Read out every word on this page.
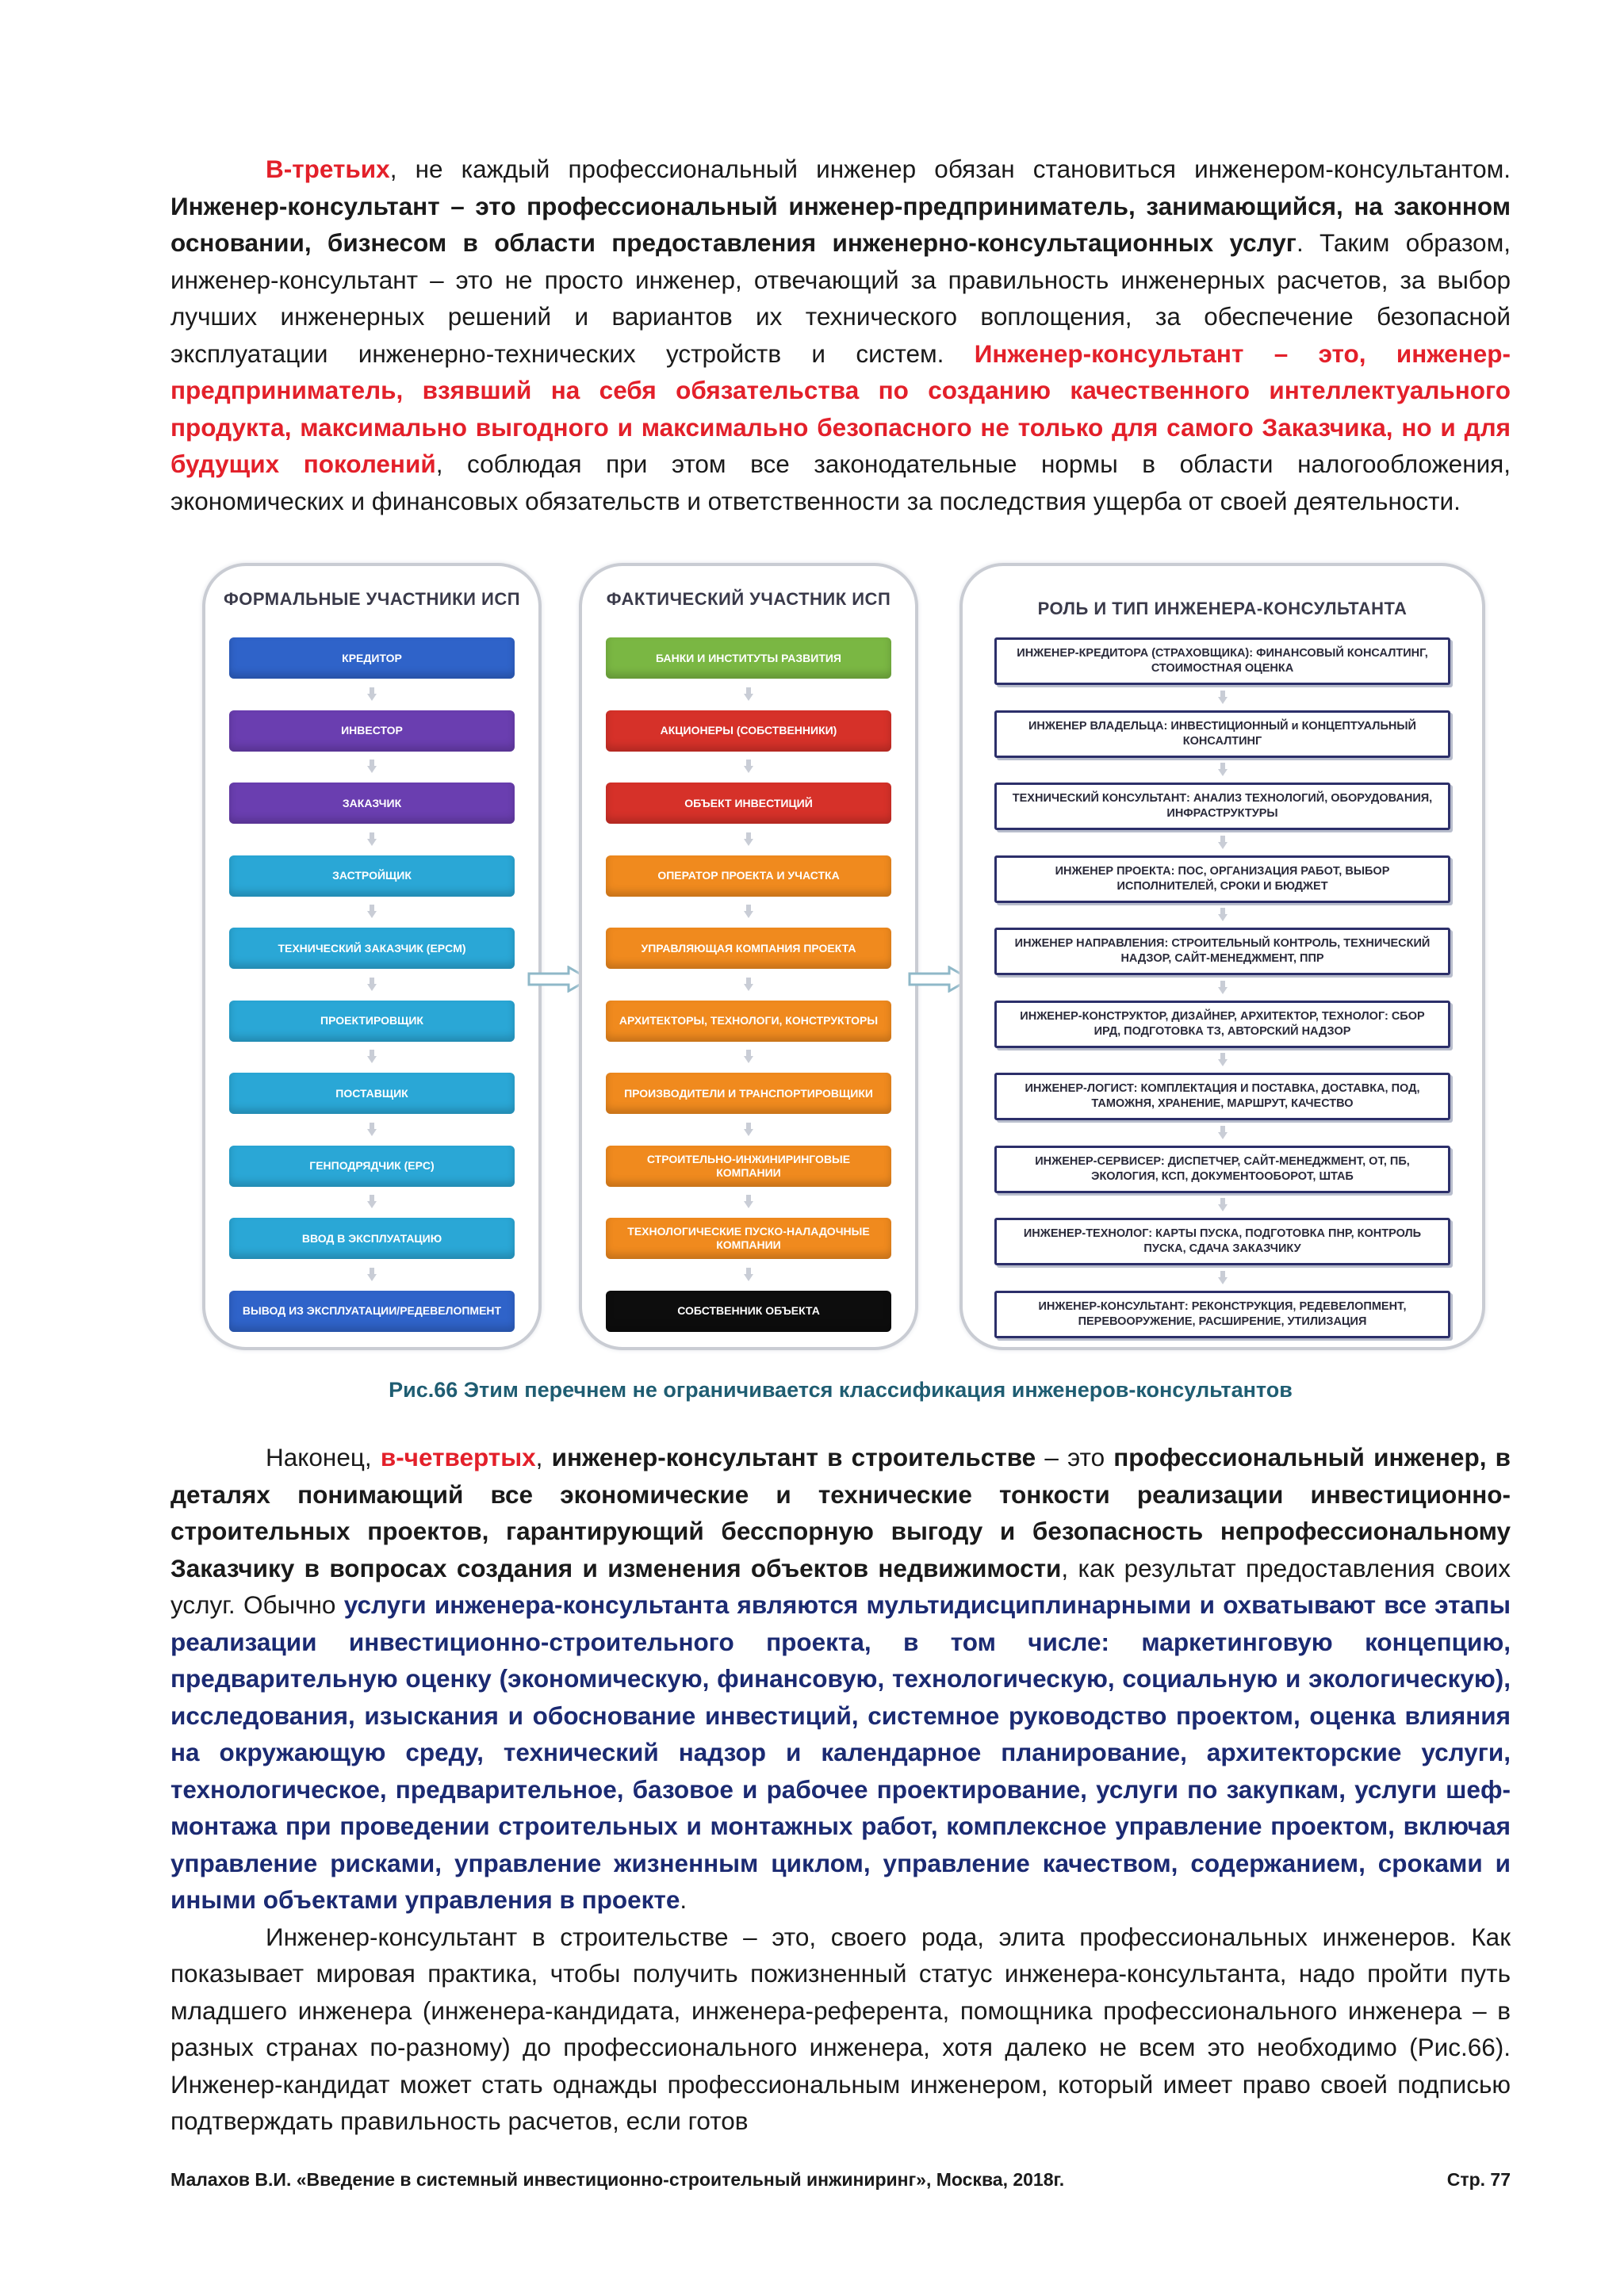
В-третьих, не каждый профессиональный инженер обязан становиться инженером-консультантом. Инженер-консультант – это профессиональный инженер-предприниматель, занимающийся, на законном основании, бизнесом в области предоставления инженерно-консультационных услуг. Таким образом, инженер-консультант – это не просто инженер, отвечающий за правильность инженерных расчетов, за выбор лучших инженерных решений и вариантов их технического воплощения, за обеспечение безопасной эксплуатации инженерно-технических устройств и систем. Инженер-консультант – это, инженер-предприниматель, взявший на себя обязательства по созданию качественного интеллектуального продукта, максимально выгодного и максимально безопасного не только для самого Заказчика, но и для будущих поколений, соблюдая при этом все законодательные нормы в области налогообложения, экономических и финансовых обязательств и ответственности за последствия ущерба от своей деятельности.

ФОРМАЛЬНЫЕ УЧАСТНИКИ ИСП
КРЕДИТОР
ИНВЕСТОР
ЗАКАЗЧИК
ЗАСТРОЙЩИК
ТЕХНИЧЕСКИЙ ЗАКАЗЧИК (EPCM)
ПРОЕКТИРОВЩИК
ПОСТАВЩИК
ГЕНПОДРЯДЧИК (EPC)
ВВОД В ЭКСПЛУАТАЦИЮ
ВЫВОД ИЗ ЭКСПЛУАТАЦИИ/РЕДЕВЕЛОПМЕНТ
ФАКТИЧЕСКИЙ УЧАСТНИК ИСП
БАНКИ И ИНСТИТУТЫ РАЗВИТИЯ
АКЦИОНЕРЫ (СОБСТВЕННИКИ)
ОБЪЕКТ ИНВЕСТИЦИЙ
ОПЕРАТОР ПРОЕКТА И УЧАСТКА
УПРАВЛЯЮЩАЯ КОМПАНИЯ ПРОЕКТА
АРХИТЕКТОРЫ, ТЕХНОЛОГИ, КОНСТРУКТОРЫ
ПРОИЗВОДИТЕЛИ И ТРАНСПОРТИРОВЩИКИ
СТРОИТЕЛЬНО-ИНЖИНИРИНГОВЫЕ КОМПАНИИ
ТЕХНОЛОГИЧЕСКИЕ ПУСКО-НАЛАДОЧНЫЕ КОМПАНИИ
СОБСТВЕННИК ОБЪЕКТА
РОЛЬ И ТИП ИНЖЕНЕРА-КОНСУЛЬТАНТА
ИНЖЕНЕР-КРЕДИТОРА (СТРАХОВЩИКА): ФИНАНСОВЫЙ КОНСАЛТИНГ, СТОИМОСТНАЯ ОЦЕНКА
ИНЖЕНЕР ВЛАДЕЛЬЦА: ИНВЕСТИЦИОННЫЙ и КОНЦЕПТУАЛЬНЫЙ КОНСАЛТИНГ
ТЕХНИЧЕСКИЙ КОНСУЛЬТАНТ: АНАЛИЗ ТЕХНОЛОГИЙ, ОБОРУДОВАНИЯ, ИНФРАСТРУКТУРЫ
ИНЖЕНЕР ПРОЕКТА: ПОС, ОРГАНИЗАЦИЯ РАБОТ, ВЫБОР ИСПОЛНИТЕЛЕЙ, СРОКИ И БЮДЖЕТ
ИНЖЕНЕР НАПРАВЛЕНИЯ: СТРОИТЕЛЬНЫЙ КОНТРОЛЬ, ТЕХНИЧЕСКИЙ НАДЗОР, САЙТ-МЕНЕДЖМЕНТ, ППР
ИНЖЕНЕР-КОНСТРУКТОР, ДИЗАЙНЕР, АРХИТЕКТОР, ТЕХНОЛОГ: СБОР ИРД, ПОДГОТОВКА ТЗ, АВТОРСКИЙ НАДЗОР
ИНЖЕНЕР-ЛОГИСТ: КОМПЛЕКТАЦИЯ И ПОСТАВКА, ДОСТАВКА, ПОД, ТАМОЖНЯ, ХРАНЕНИЕ, МАРШРУТ, КАЧЕСТВО
ИНЖЕНЕР-СЕРВИСЕР: ДИСПЕТЧЕР, САЙТ-МЕНЕДЖМЕНТ, ОТ, ПБ, ЭКОЛОГИЯ, КСП, ДОКУМЕНТООБОРОТ, ШТАБ
ИНЖЕНЕР-ТЕХНОЛОГ: КАРТЫ ПУСКА, ПОДГОТОВКА ПНР, КОНТРОЛЬ ПУСКА, СДАЧА ЗАКАЗЧИКУ
ИНЖЕНЕР-КОНСУЛЬТАНТ: РЕКОНСТРУКЦИЯ, РЕДЕВЕЛОПМЕНТ, ПЕРЕВООРУЖЕНИЕ, РАСШИРЕНИЕ, УТИЛИЗАЦИЯ
Рис.66 Этим перечнем не ограничивается классификация инженеров-консультантов

Наконец, в-четвертых, инженер-консультант в строительстве – это профессиональный инженер, в деталях понимающий все экономические и технические тонкости реализации инвестиционно-строительных проектов, гарантирующий бесспорную выгоду и безопасность непрофессиональному Заказчику в вопросах создания и изменения объектов недвижимости, как результат предоставления своих услуг. Обычно услуги инженера-консультанта являются мультидисциплинарными и охватывают все этапы реализации инвестиционно-строительного проекта, в том числе: маркетинговую концепцию, предварительную оценку (экономическую, финансовую, технологическую, социальную и экологическую), исследования, изыскания и обоснование инвестиций, системное руководство проектом, оценка влияния на окружающую среду, технический надзор и календарное планирование, архитекторские услуги, технологическое, предварительное, базовое и рабочее проектирование, услуги по закупкам, услуги шеф-монтажа при проведении строительных и монтажных работ, комплексное управление проектом, включая управление рисками, управление жизненным циклом, управление качеством, содержанием, сроками и иными объектами управления в проекте.

Инженер-консультант в строительстве – это, своего рода, элита профессиональных инженеров. Как показывает мировая практика, чтобы получить пожизненный статус инженера-консультанта, надо пройти путь младшего инженера (инженера-кандидата, инженера-референта, помощника профессионального инженера – в разных странах по-разному) до профессионального инженера, хотя далеко не всем это необходимо (Рис.66). Инженер-кандидат может стать однажды профессиональным инженером, который имеет право своей подписью подтверждать правильность расчетов, если готов

Малахов В.И. «Введение в системный инвестиционно-строительный инжиниринг», Москва, 2018г.	Стр. 77
